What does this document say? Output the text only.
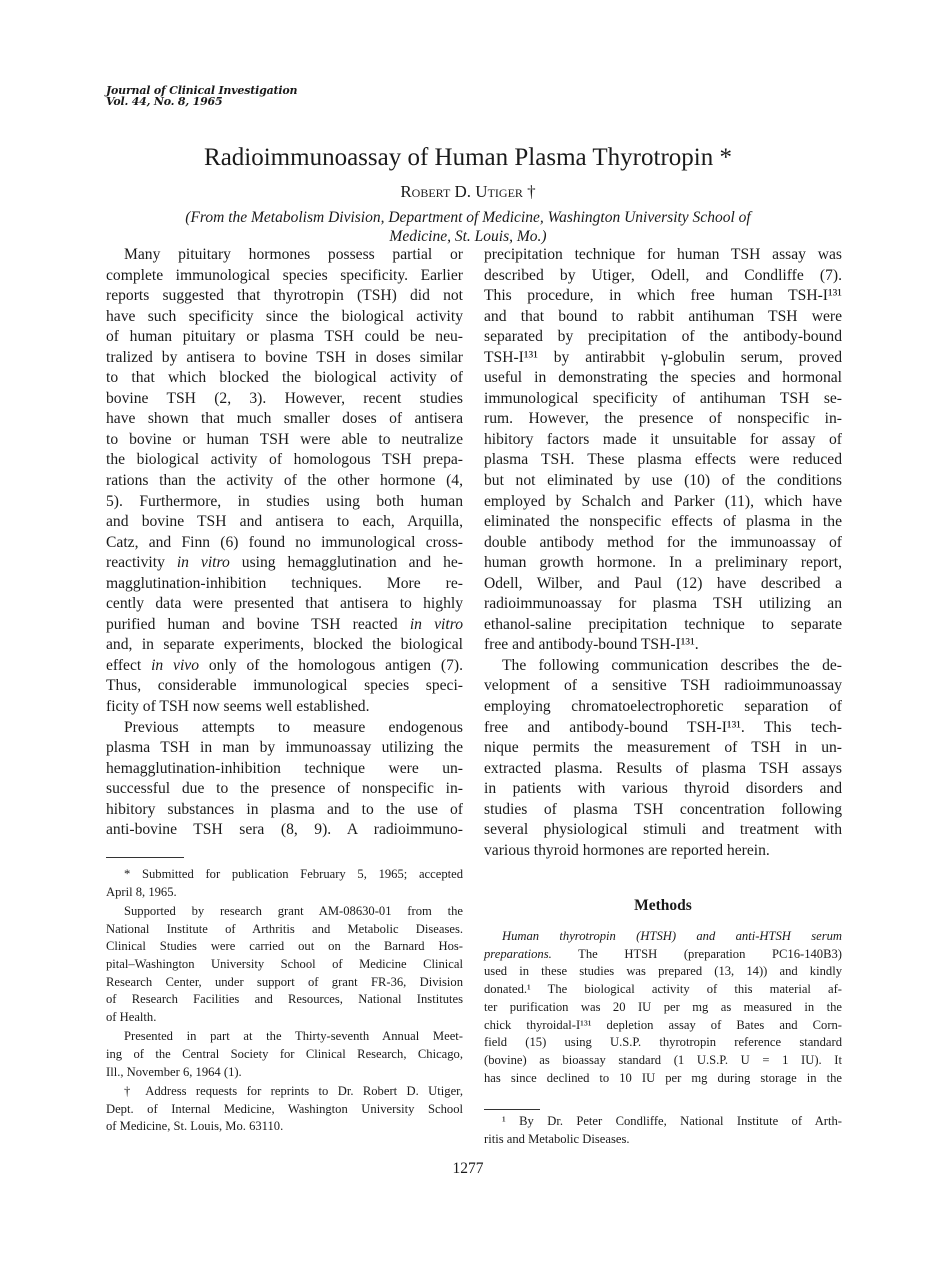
Journal of Clinical Investigation
Vol. 44, No. 8, 1965
Radioimmunoassay of Human Plasma Thyrotropin *
Robert D. Utiger †
(From the Metabolism Division, Department of Medicine, Washington University School of
Medicine, St. Louis, Mo.)
Many pituitary hormones possess partial or
complete immunological species specificity. Earlier
reports suggested that thyrotropin (TSH) did not
have such specificity since the biological activity
of human pituitary or plasma TSH could be neu-
tralized by antisera to bovine TSH in doses similar
to that which blocked the biological activity of
bovine TSH (2, 3). However, recent studies
have shown that much smaller doses of antisera
to bovine or human TSH were able to neutralize
the biological activity of homologous TSH prepa-
rations than the activity of the other hormone (4,
5). Furthermore, in studies using both human
and bovine TSH and antisera to each, Arquilla,
Catz, and Finn (6) found no immunological cross-
reactivity in vitro using hemagglutination and he-
magglutination-inhibition techniques. More re-
cently data were presented that antisera to highly
purified human and bovine TSH reacted in vitro
and, in separate experiments, blocked the biological
effect in vivo only of the homologous antigen (7).
Thus, considerable immunological species speci-
ficity of TSH now seems well established.
Previous attempts to measure endogenous
plasma TSH in man by immunoassay utilizing the
hemagglutination-inhibition technique were un-
successful due to the presence of nonspecific in-
hibitory substances in plasma and to the use of
anti-bovine TSH sera (8, 9). A radioimmuno-
* Submitted for publication February 5, 1965; accepted
April 8, 1965.
Supported by research grant AM-08630-01 from the
National Institute of Arthritis and Metabolic Diseases.
Clinical Studies were carried out on the Barnard Hos-
pital–Washington University School of Medicine Clinical
Research Center, under support of grant FR-36, Division
of Research Facilities and Resources, National Institutes
of Health.
Presented in part at the Thirty-seventh Annual Meet-
ing of the Central Society for Clinical Research, Chicago,
Ill., November 6, 1964 (1).
† Address requests for reprints to Dr. Robert D. Utiger,
Dept. of Internal Medicine, Washington University School
of Medicine, St. Louis, Mo. 63110.
precipitation technique for human TSH assay was
described by Utiger, Odell, and Condliffe (7).
This procedure, in which free human TSH-I¹³¹
and that bound to rabbit antihuman TSH were
separated by precipitation of the antibody-bound
TSH-I¹³¹ by antirabbit γ-globulin serum, proved
useful in demonstrating the species and hormonal
immunological specificity of antihuman TSH se-
rum. However, the presence of nonspecific in-
hibitory factors made it unsuitable for assay of
plasma TSH. These plasma effects were reduced
but not eliminated by use (10) of the conditions
employed by Schalch and Parker (11), which have
eliminated the nonspecific effects of plasma in the
double antibody method for the immunoassay of
human growth hormone. In a preliminary report,
Odell, Wilber, and Paul (12) have described a
radioimmunoassay for plasma TSH utilizing an
ethanol-saline precipitation technique to separate
free and antibody-bound TSH-I¹³¹.
The following communication describes the de-
velopment of a sensitive TSH radioimmunoassay
employing chromatoelectrophoretic separation of
free and antibody-bound TSH-I¹³¹. This tech-
nique permits the measurement of TSH in un-
extracted plasma. Results of plasma TSH assays
in patients with various thyroid disorders and
studies of plasma TSH concentration following
several physiological stimuli and treatment with
various thyroid hormones are reported herein.
Methods
Human thyrotropin (HTSH) and anti-HTSH serum
preparations. The HTSH (preparation PC16-140B3)
used in these studies was prepared (13, 14)) and kindly
donated.¹ The biological activity of this material af-
ter purification was 20 IU per mg as measured in the
chick thyroidal-I¹³¹ depletion assay of Bates and Corn-
field (15) using U.S.P. thyrotropin reference standard
(bovine) as bioassay standard (1 U.S.P. U = 1 IU). It
has since declined to 10 IU per mg during storage in the
¹ By Dr. Peter Condliffe, National Institute of Arth-
ritis and Metabolic Diseases.
1277
